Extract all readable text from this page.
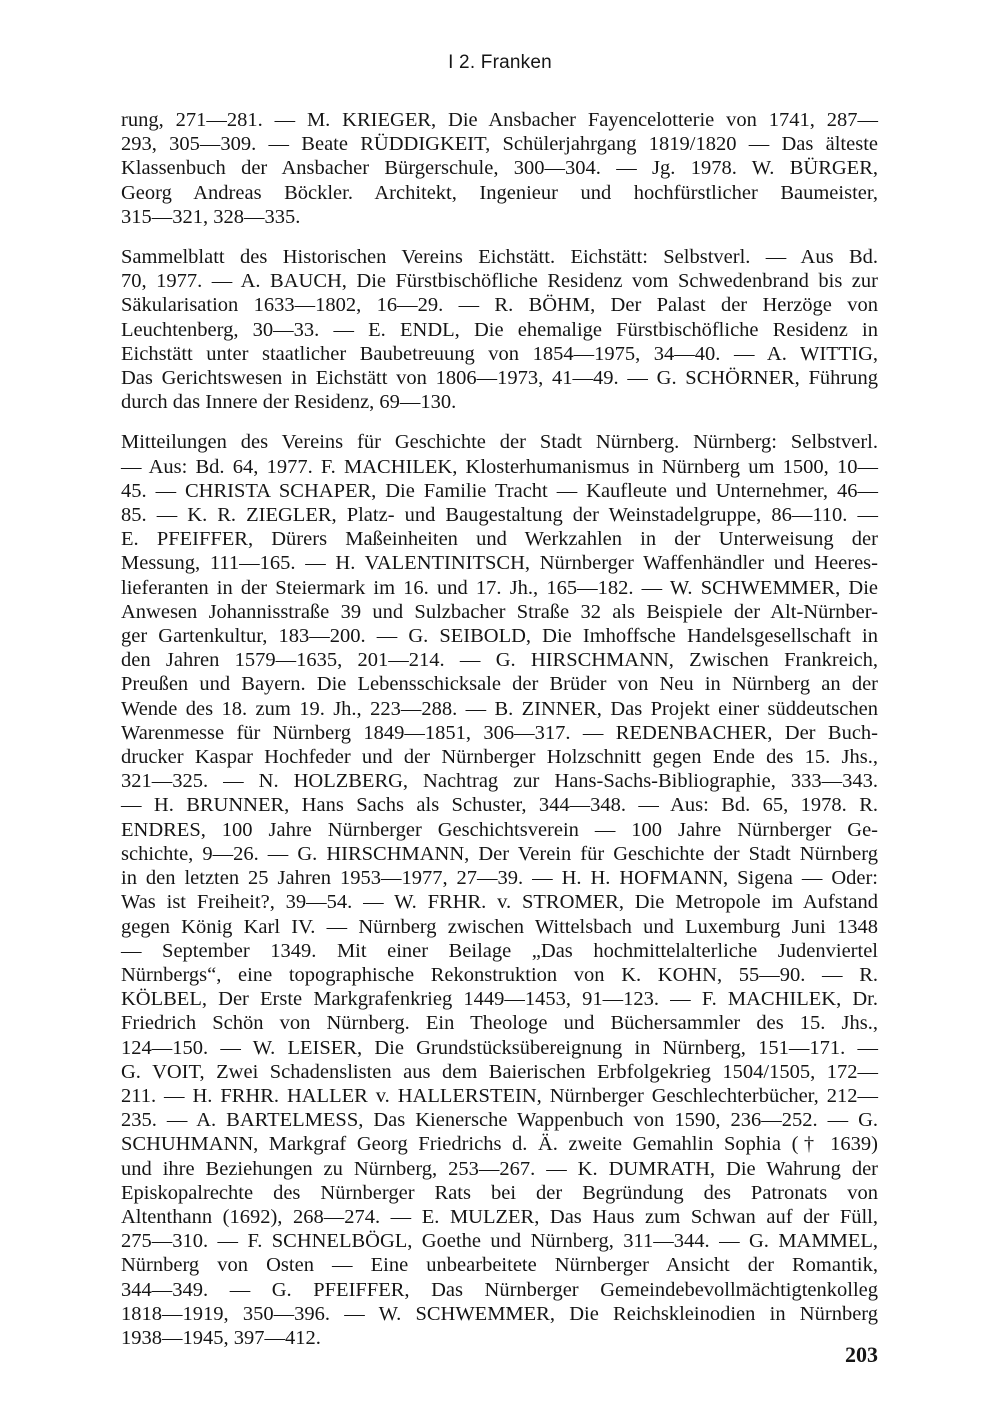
I 2. Franken
rung, 271—281. — M. KRIEGER, Die Ansbacher Fayencelotterie von 1741, 287—
293, 305—309. — Beate RÜDDIGKEIT, Schülerjahrgang 1819/1820 — Das älteste
Klassenbuch der Ansbacher Bürgerschule, 300—304. — Jg. 1978. W. BÜRGER,
Georg Andreas Böckler. Architekt, Ingenieur und hochfürstlicher Baumeister,
315—321, 328—335.
Sammelblatt des Historischen Vereins Eichstätt. Eichstätt: Selbstverl. — Aus Bd.
70, 1977. — A. BAUCH, Die Fürstbischöfliche Residenz vom Schwedenbrand bis zur
Säkularisation 1633—1802, 16—29. — R. BÖHM, Der Palast der Herzöge von
Leuchtenberg, 30—33. — E. ENDL, Die ehemalige Fürstbischöfliche Residenz in
Eichstätt unter staatlicher Baubetreuung von 1854—1975, 34—40. — A. WITTIG,
Das Gerichtswesen in Eichstätt von 1806—1973, 41—49. — G. SCHÖRNER, Führung
durch das Innere der Residenz, 69—130.
Mitteilungen des Vereins für Geschichte der Stadt Nürnberg. Nürnberg: Selbstverl.
— Aus: Bd. 64, 1977. F. MACHILEK, Klosterhumanismus in Nürnberg um 1500, 10—
45. — CHRISTA SCHAPER, Die Familie Tracht — Kaufleute und Unternehmer, 46—
85. — K. R. ZIEGLER, Platz- und Baugestaltung der Weinstadelgruppe, 86—110. —
E. PFEIFFER, Dürers Maßeinheiten und Werkzahlen in der Unterweisung der
Messung, 111—165. — H. VALENTINITSCH, Nürnberger Waffenhändler und Heeres-
lieferanten in der Steiermark im 16. und 17. Jh., 165—182. — W. SCHWEMMER, Die
Anwesen Johannisstraße 39 und Sulzbacher Straße 32 als Beispiele der Alt-Nürnber-
ger Gartenkultur, 183—200. — G. SEIBOLD, Die Imhoffsche Handelsgesellschaft in
den Jahren 1579—1635, 201—214. — G. HIRSCHMANN, Zwischen Frankreich,
Preußen und Bayern. Die Lebensschicksale der Brüder von Neu in Nürnberg an der
Wende des 18. zum 19. Jh., 223—288. — B. ZINNER, Das Projekt einer süddeutschen
Warenmesse für Nürnberg 1849—1851, 306—317. — REDENBACHER, Der Buch-
drucker Kaspar Hochfeder und der Nürnberger Holzschnitt gegen Ende des 15. Jhs.,
321—325. — N. HOLZBERG, Nachtrag zur Hans-Sachs-Bibliographie, 333—343.
— H. BRUNNER, Hans Sachs als Schuster, 344—348. — Aus: Bd. 65, 1978. R.
ENDRES, 100 Jahre Nürnberger Geschichtsverein — 100 Jahre Nürnberger Ge-
schichte, 9—26. — G. HIRSCHMANN, Der Verein für Geschichte der Stadt Nürnberg
in den letzten 25 Jahren 1953—1977, 27—39. — H. H. HOFMANN, Sigena — Oder:
Was ist Freiheit?, 39—54. — W. FRHR. v. STROMER, Die Metropole im Aufstand
gegen König Karl IV. — Nürnberg zwischen Wittelsbach und Luxemburg Juni 1348
— September 1349. Mit einer Beilage „Das hochmittelalterliche Judenviertel
Nürnbergs“, eine topographische Rekonstruktion von K. KOHN, 55—90. — R.
KÖLBEL, Der Erste Markgrafenkrieg 1449—1453, 91—123. — F. MACHILEK, Dr.
Friedrich Schön von Nürnberg. Ein Theologe und Büchersammler des 15. Jhs.,
124—150. — W. LEISER, Die Grundstücksübereignung in Nürnberg, 151—171. —
G. VOIT, Zwei Schadenslisten aus dem Baierischen Erbfolgekrieg 1504/1505, 172—
211. — H. FRHR. HALLER v. HALLERSTEIN, Nürnberger Geschlechterbücher, 212—
235. — A. BARTELMESS, Das Kienersche Wappenbuch von 1590, 236—252. — G.
SCHUHMANN, Markgraf Georg Friedrichs d. Ä. zweite Gemahlin Sophia († 1639)
und ihre Beziehungen zu Nürnberg, 253—267. — K. DUMRATH, Die Wahrung der
Episkopalrechte des Nürnberger Rats bei der Begründung des Patronats von
Altenthann (1692), 268—274. — E. MULZER, Das Haus zum Schwan auf der Füll,
275—310. — F. SCHNELBÖGL, Goethe und Nürnberg, 311—344. — G. MAMMEL,
Nürnberg von Osten — Eine unbearbeitete Nürnberger Ansicht der Romantik,
344—349. — G. PFEIFFER, Das Nürnberger Gemeindebevollmächtigtenkolleg
1818—1919, 350—396. — W. SCHWEMMER, Die Reichskleinodien in Nürnberg
1938—1945, 397—412.
203
